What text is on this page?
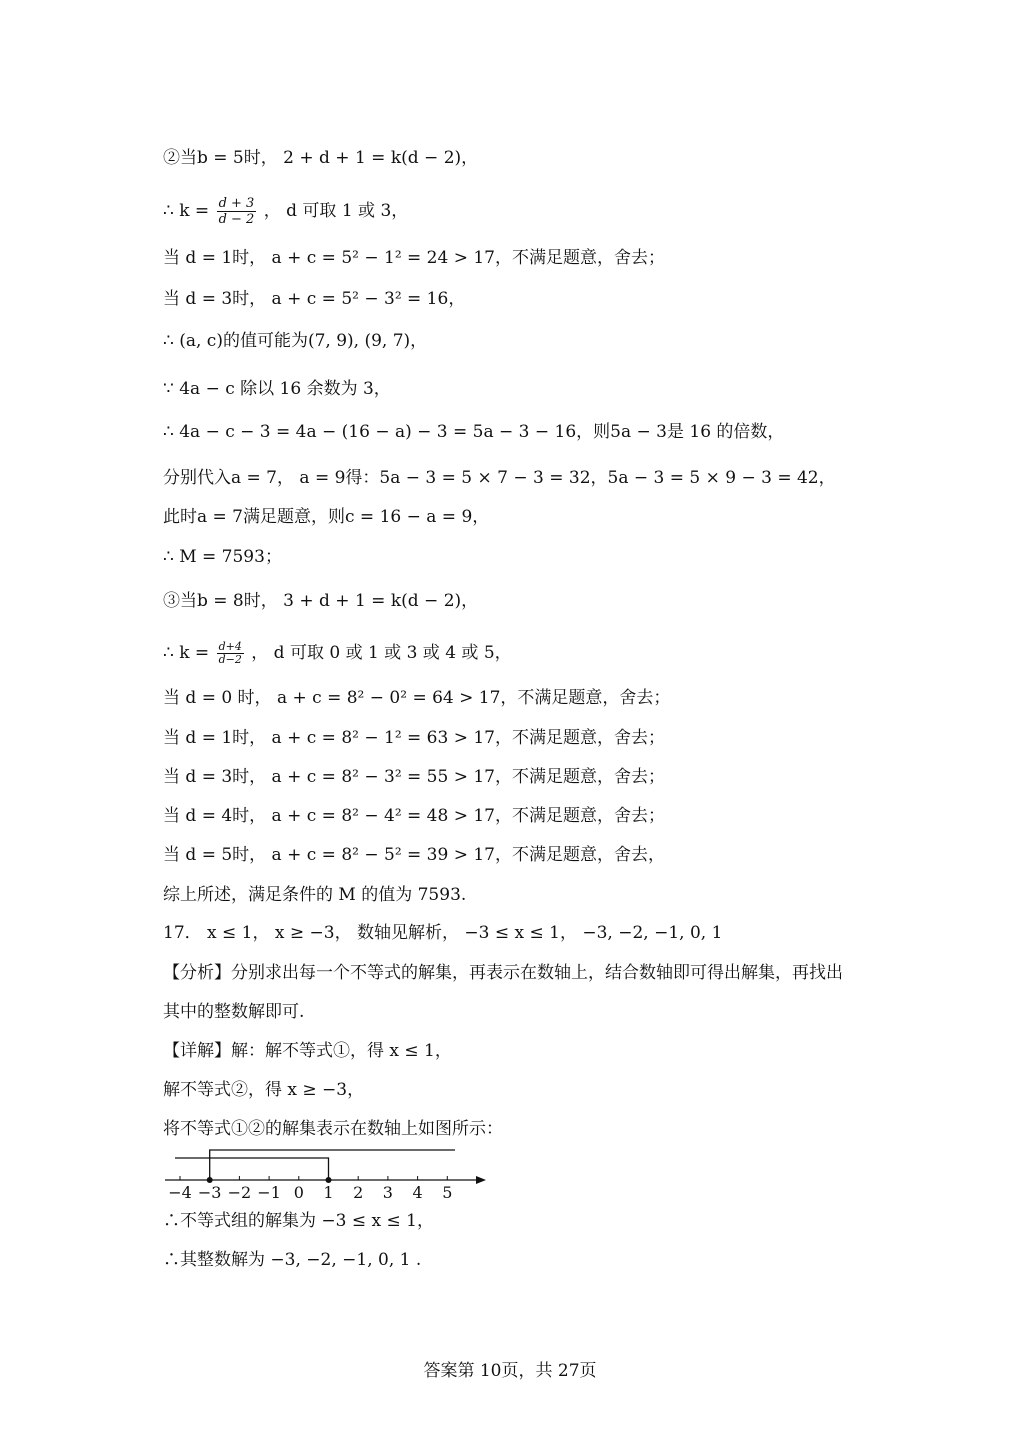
②当b = 5时， 2 + d + 1 = k(d − 2)，
当 d = 1时， a + c = 5² − 1² = 24 > 17，不满足题意，舍去；
当 d = 3时， a + c = 5² − 3² = 16，
∴ (a, c)的值可能为(7, 9), (9, 7)，
∵ 4a − c 除以 16 余数为 3，
∴ 4a − c − 3 = 4a − (16 − a) − 3 = 5a − 3 − 16，则5a − 3是 16 的倍数，
分别代入a = 7， a = 9得：5a − 3 = 5 × 7 − 3 = 32，5a − 3 = 5 × 9 − 3 = 42，
此时a = 7满足题意，则c = 16 − a = 9，
∴ M = 7593；
③当b = 8时， 3 + d + 1 = k(d − 2)，
当 d = 0 时， a + c = 8² − 0² = 64 > 17，不满足题意，舍去；
当 d = 1时， a + c = 8² − 1² = 63 > 17，不满足题意，舍去；
当 d = 3时， a + c = 8² − 3² = 55 > 17，不满足题意，舍去；
当 d = 4时， a + c = 8² − 4² = 48 > 17，不满足题意，舍去；
当 d = 5时， a + c = 8² − 5² = 39 > 17，不满足题意，舍去，
综上所述，满足条件的 M 的值为 7593.
17． x ≤ 1， x ≥ −3， 数轴见解析， −3 ≤ x ≤ 1， −3, −2, −1, 0, 1
【分析】分别求出每一个不等式的解集，再表示在数轴上，结合数轴即可得出解集，再找出
其中的整数解即可.
【详解】解：解不等式①，得 x ≤ 1，
解不等式②，得 x ≥ −3，
将不等式①②的解集表示在数轴上如图所示：
∴不等式组的解集为 −3 ≤ x ≤ 1，
∴其整数解为 −3, −2, −1, 0, 1 .
∴ $k = \frac{d + 3}{d - 2}$ ， d 可取 1 或 3，
∴ $k = \frac{d+4}{d-2}$ ， d 可取 0 或 1 或 3 或 4 或 5，
−4 −3 −2 −1 0 1 2 3 4 5
答案第 10页，共 27页
